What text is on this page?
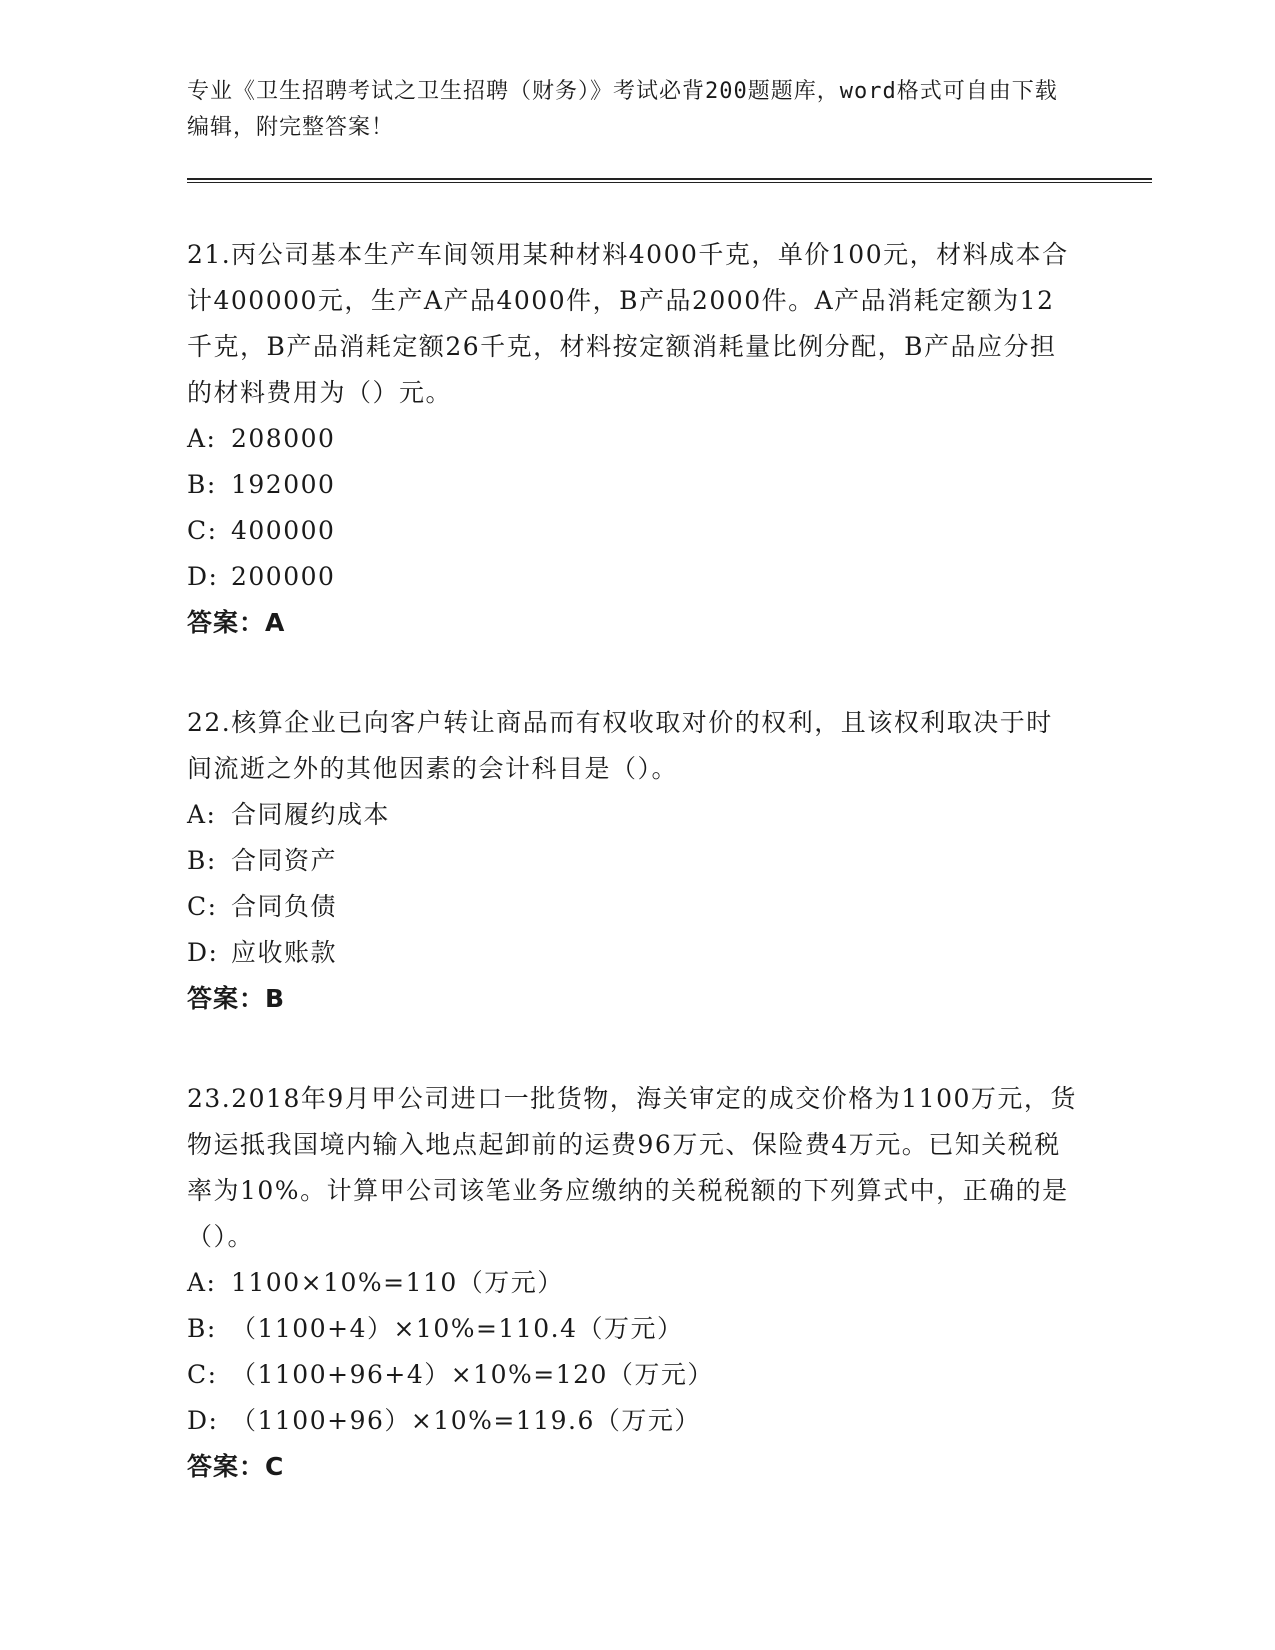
专业《卫生招聘考试之卫生招聘（财务）》考试必背200题题库，word格式可自由下载编辑，附完整答案！

21.丙公司基本生产车间领用某种材料4000千克，单价100元，材料成本合计400000元，生产A产品4000件，B产品2000件。A产品消耗定额为12千克，B产品消耗定额26千克，材料按定额消耗量比例分配，B产品应分担的材料费用为（）元。

A: 208000
B: 192000
C: 400000
D: 200000
答案：A

22.核算企业已向客户转让商品而有权收取对价的权利，且该权利取决于时间流逝之外的其他因素的会计科目是（）。

A: 合同履约成本
B: 合同资产
C: 合同负债
D: 应收账款
答案：B

23.2018年9月甲公司进口一批货物，海关审定的成交价格为1100万元，货物运抵我国境内输入地点起卸前的运费96万元、保险费4万元。已知关税税率为10%。计算甲公司该笔业务应缴纳的关税税额的下列算式中，正确的是（）。

A: 1100×10%=110（万元）
B: （1100+4）×10%=110.4（万元）
C: （1100+96+4）×10%=120（万元）
D: （1100+96）×10%=119.6（万元）
答案：C
